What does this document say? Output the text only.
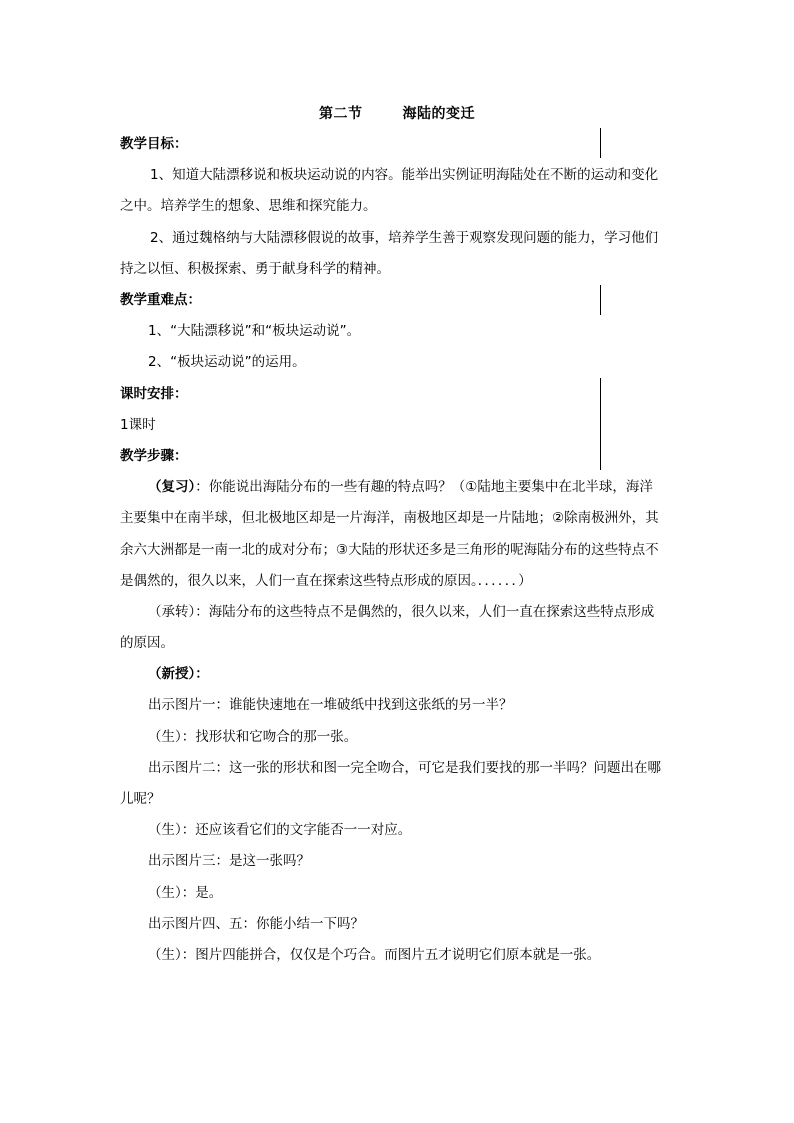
第二节	海陆的变迁
教学目标：
1、知道大陆漂移说和板块运动说的内容。能举出实例证明海陆处在不断的运动和变化
之中。培养学生的想象、思维和探究能力。
2、通过魏格纳与大陆漂移假说的故事，培养学生善于观察发现问题的能力，学习他们
持之以恒、积极探索、勇于献身科学的精神。
教学重难点：
1、“大陆漂移说”和“板块运动说”。
2、“板块运动说”的运用。
课时安排：
1课时
教学步骤：
（复习）：你能说出海陆分布的一些有趣的特点吗？（①陆地主要集中在北半球，海洋
主要集中在南半球，但北极地区却是一片海洋，南极地区却是一片陆地；②除南极洲外，其
余六大洲都是一南一北的成对分布；③大陆的形状还多是三角形的呢海陆分布的这些特点不
是偶然的，很久以来，人们一直在探索这些特点形成的原因。．．．．．．）
（承转）：海陆分布的这些特点不是偶然的，很久以来，人们一直在探索这些特点形成
的原因。
（新授）：
出示图片一：谁能快速地在一堆破纸中找到这张纸的另一半？
（生）：找形状和它吻合的那一张。
出示图片二：这一张的形状和图一完全吻合，可它是我们要找的那一半吗？问题出在哪
儿呢？
（生）：还应该看它们的文字能否一一对应。
出示图片三：是这一张吗？
（生）：是。
出示图片四、五：你能小结一下吗？
（生）：图片四能拼合，仅仅是个巧合。而图片五才说明它们原本就是一张。
